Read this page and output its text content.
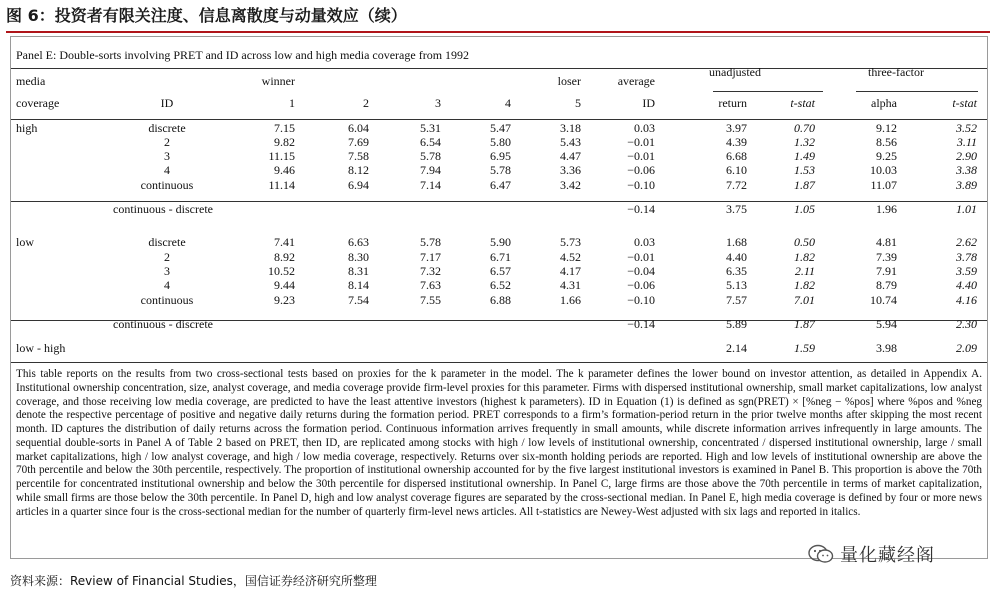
图 6：投资者有限关注度、信息离散度与动量效应（续）
Panel E: Double-sorts involving PRET and ID across low and high media coverage from 1992
media		winner				loser	average	unadjusted		three-factor		

coverage	ID	1	2	3	4	5	ID	return	t-stat	alpha	t-stat	

high	discrete	7.15	6.04	5.31	5.47	3.18	0.03	3.97	0.70	9.12	3.52	
	2	9.82	7.69	6.54	5.80	5.43	−0.01	4.39	1.32	8.56	3.11	
	3	11.15	7.58	5.78	6.95	4.47	−0.01	6.68	1.49	9.25	2.90	
	4	9.46	8.12	7.94	5.78	3.36	−0.06	6.10	1.53	10.03	3.38	
	continuous	11.14	6.94	7.14	6.47	3.42	−0.10	7.72	1.87	11.07	3.89	

continuous - discrete							−0.14	3.75	1.05	1.96	1.01	

low	discrete	7.41	6.63	5.78	5.90	5.73	0.03	1.68	0.50	4.81	2.62	
	2	8.92	8.30	7.17	6.71	4.52	−0.01	4.40	1.82	7.39	3.78	
	3	10.52	8.31	7.32	6.57	4.17	−0.04	6.35	2.11	7.91	3.59	
	4	9.44	8.14	7.63	6.52	4.31	−0.06	5.13	1.82	8.79	4.40	
	continuous	9.23	7.54	7.55	6.88	1.66	−0.10	7.57	7.01	10.74	4.16	

continuous - discrete							−0.14	5.89	1.87	5.94	2.30	

low - high								2.14	1.59	3.98	2.09	
This table reports on the results from two cross-sectional tests based on proxies for the k parameter in the model. The k parameter defines the lower bound on investor attention, as detailed in Appendix A. Institutional ownership concentration, size, analyst coverage, and media coverage provide firm-level proxies for this parameter. Firms with dispersed institutional ownership, small market capitalizations, low analyst coverage, and those receiving low media coverage, are predicted to have the least attentive investors (highest k parameters). ID in Equation (1) is defined as sgn(PRET) × [%neg − %pos] where %pos and %neg denote the respective percentage of positive and negative daily returns during the formation period. PRET corresponds to a firm’s formation-period return in the prior twelve months after skipping the most recent month. ID captures the distribution of daily returns across the formation period. Continuous information arrives frequently in small amounts, while discrete information arrives infrequently in large amounts. The sequential double-sorts in Panel A of Table 2 based on PRET, then ID, are replicated among stocks with high / low levels of institutional ownership, concentrated / dispersed institutional ownership, large / small market capitalizations, high / low analyst coverage, and high / low media coverage, respectively. Returns over six-month holding periods are reported. High and low levels of institutional ownership are above the 70th percentile and below the 30th percentile, respectively. The proportion of institutional ownership accounted for by the five largest institutional investors is examined in Panel B. This proportion is above the 70th percentile for concentrated institutional ownership and below the 30th percentile for dispersed institutional ownership. In Panel C, large firms are those above the 70th percentile in terms of market capitalization, while small firms are those below the 30th percentile. In Panel D, high and low analyst coverage figures are separated by the cross-sectional median. In Panel E, high media coverage is defined by four or more news articles in a quarter since four is the cross-sectional median for the number of quarterly firm-level news articles. All t-statistics are Newey-West adjusted with six lags and reported in italics.
量化藏经阁
资料来源：Review of Financial Studies，国信证券经济研究所整理
